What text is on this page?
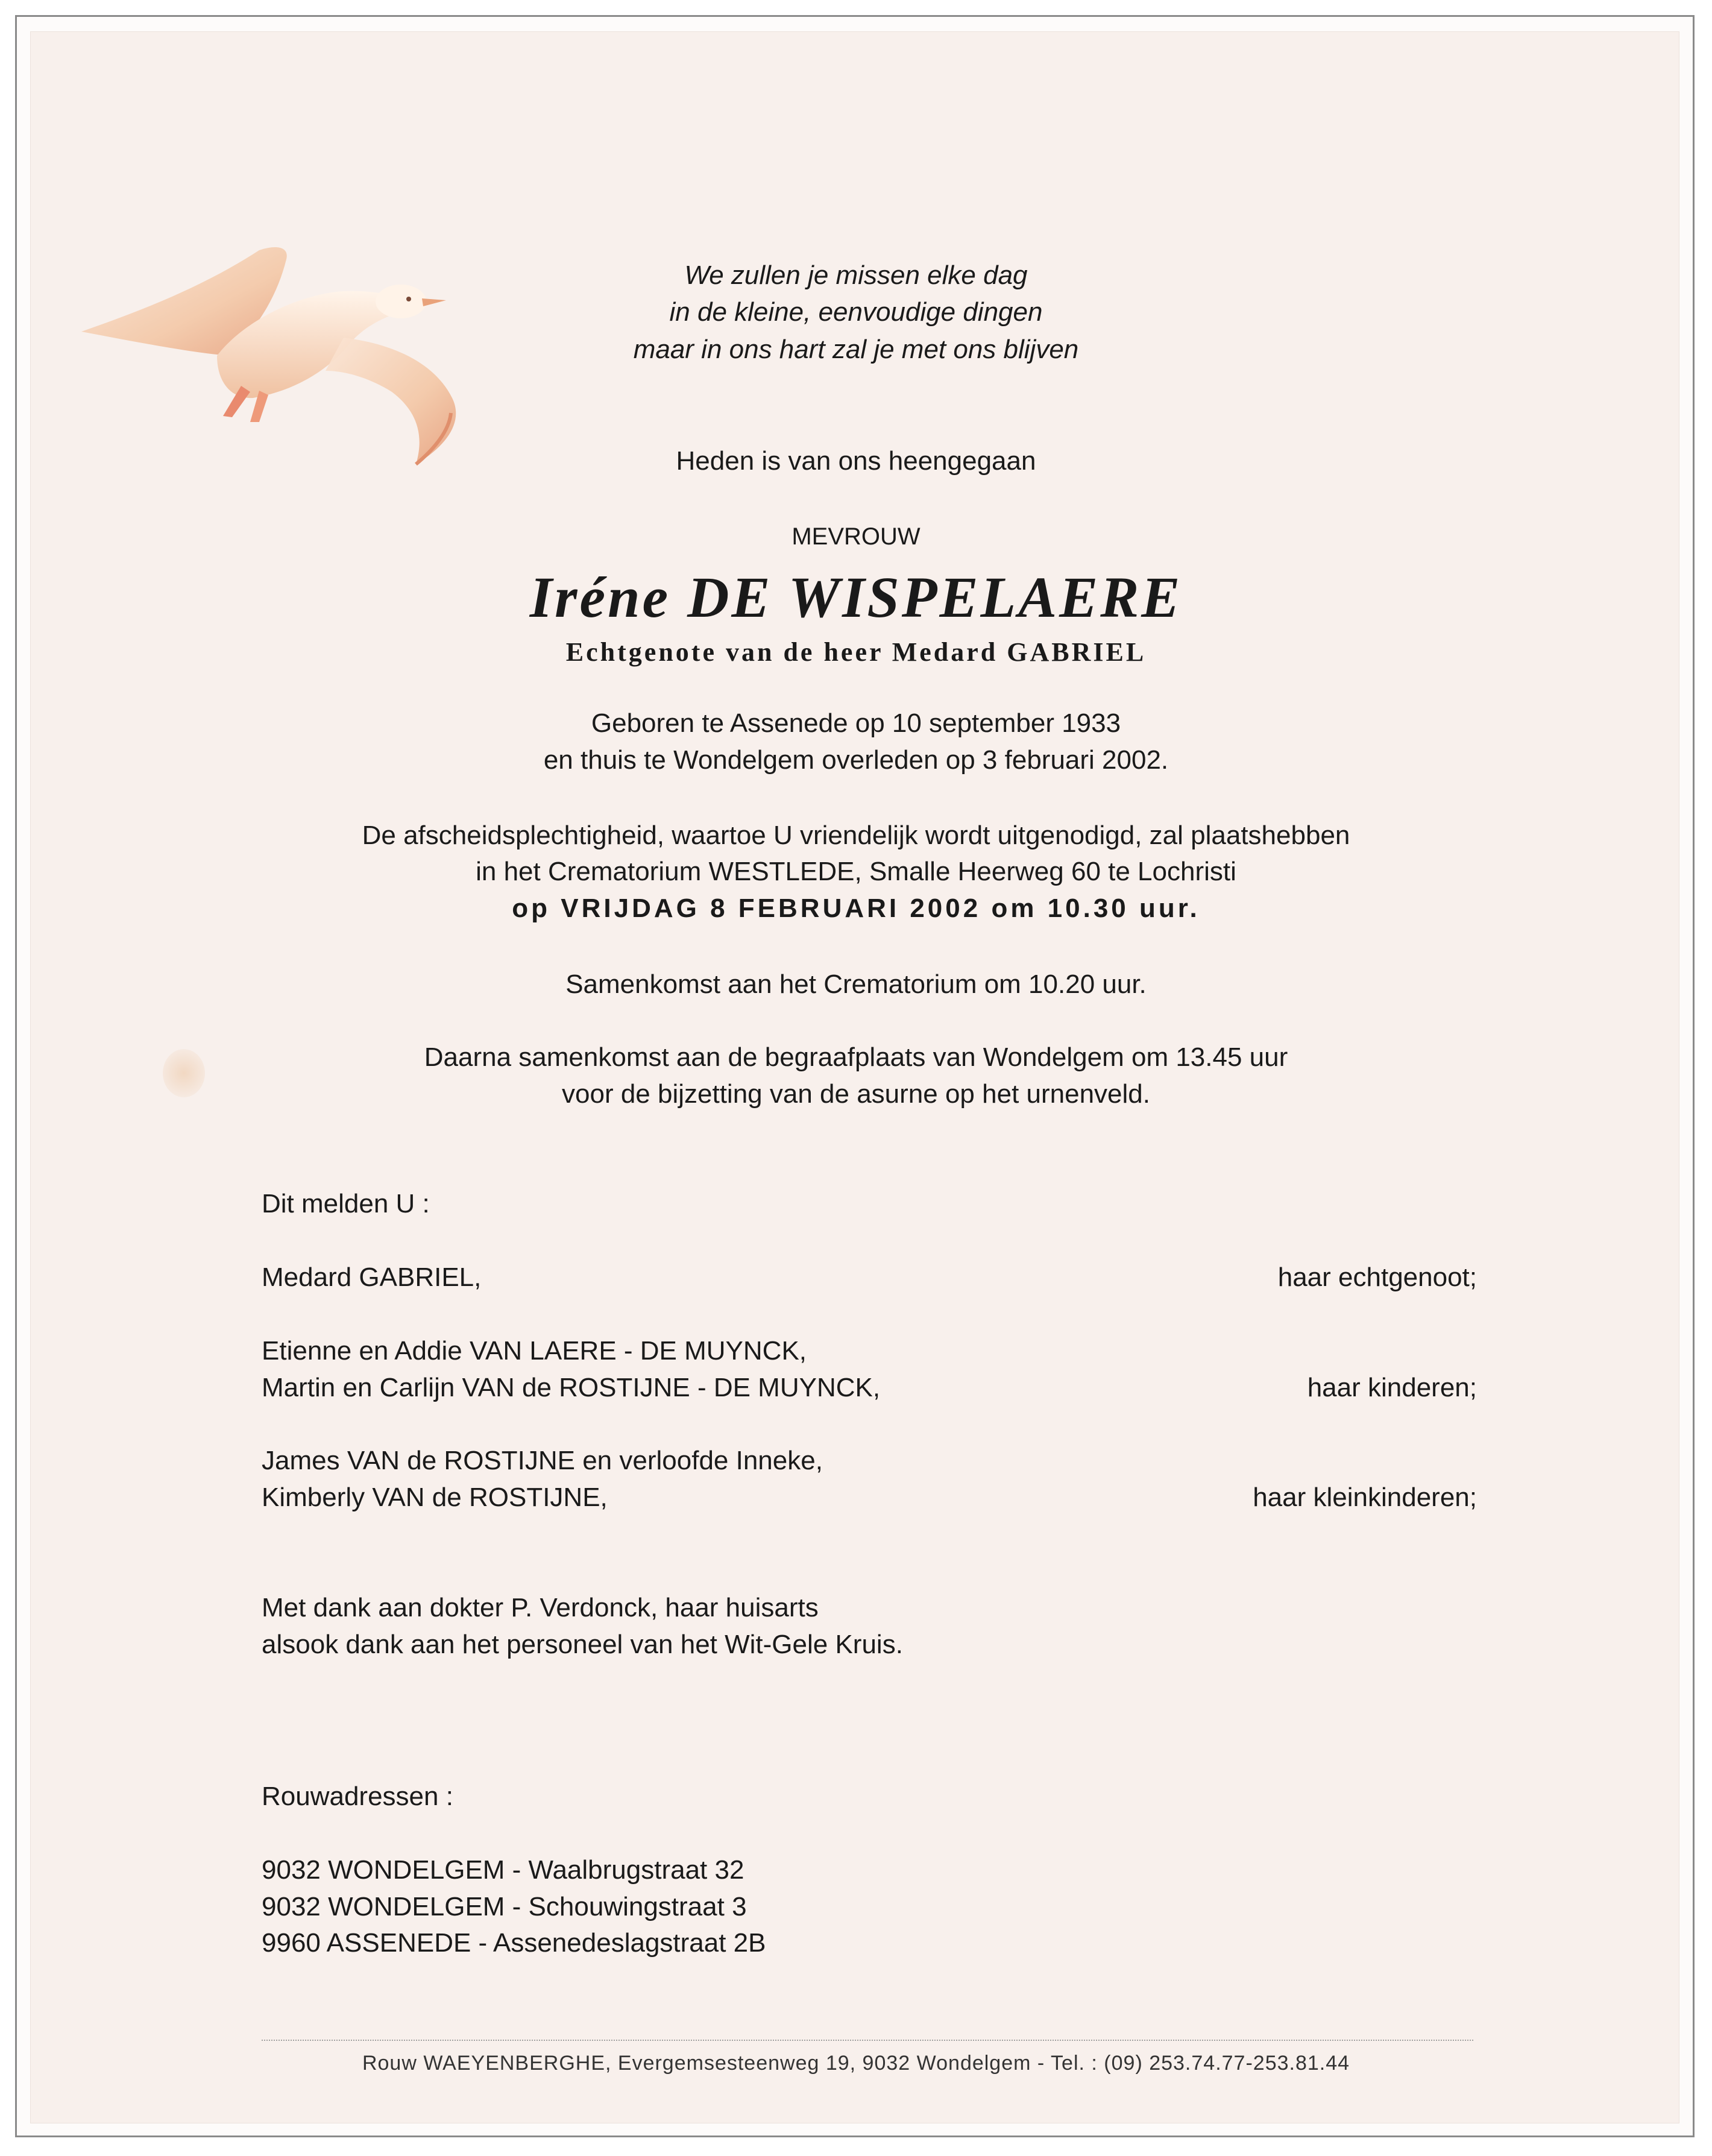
We zullen je missen elke dag
in de kleine, eenvoudige dingen
maar in ons hart zal je met ons blijven
Heden is van ons heengegaan
MEVROUW
Iréne DE WISPELAERE
Echtgenote van de heer Medard GABRIEL
Geboren te Assenede op 10 september 1933
en thuis te Wondelgem overleden op 3 februari 2002.
De afscheidsplechtigheid, waartoe U vriendelijk wordt uitgenodigd, zal plaatshebben
in het Crematorium WESTLEDE, Smalle Heerweg 60 te Lochristi
op VRIJDAG 8 FEBRUARI 2002 om 10.30 uur.
Samenkomst aan het Crematorium om 10.20 uur.
Daarna samenkomst aan de begraafplaats van Wondelgem om 13.45 uur
voor de bijzetting van de asurne op het urnenveld.
Dit melden U :
Medard GABRIEL,	haar echtgenoot;
Etienne en Addie VAN LAERE - DE MUYNCK,
Martin en Carlijn VAN de ROSTIJNE - DE MUYNCK,	haar kinderen;
James VAN de ROSTIJNE en verloofde Inneke,
Kimberly VAN de ROSTIJNE,	haar kleinkinderen;
Met dank aan dokter P. Verdonck, haar huisarts
alsook dank aan het personeel van het Wit-Gele Kruis.
Rouwadressen :
9032 WONDELGEM - Waalbrugstraat 32
9032 WONDELGEM - Schouwingstraat 3
9960 ASSENEDE - Assenedeslagstraat 2B
Rouw WAEYENBERGHE, Evergemsesteenweg 19, 9032 Wondelgem - Tel. : (09) 253.74.77-253.81.44
